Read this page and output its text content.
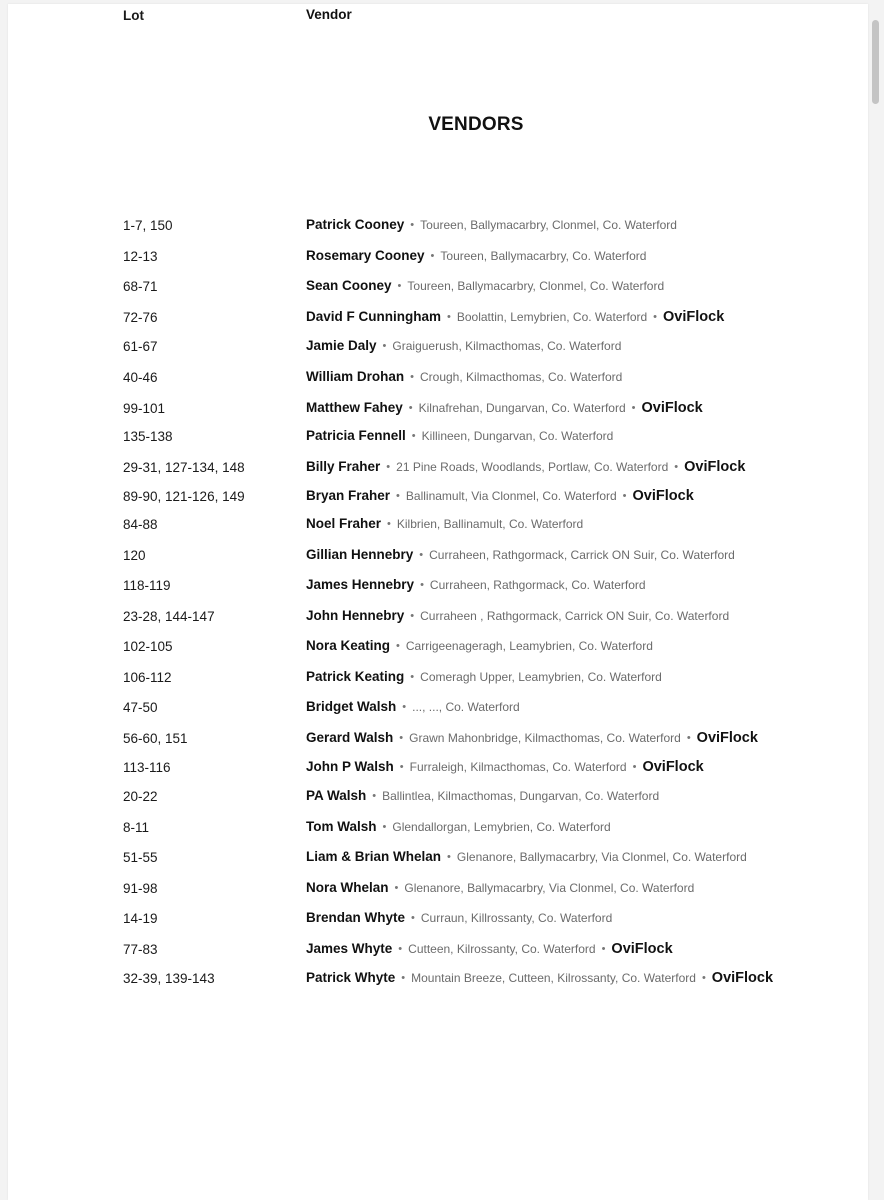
VENDORS
Lot	Vendor
1-7, 150	Patrick Cooney • Toureen, Ballymacarbry, Clonmel, Co. Waterford
12-13	Rosemary Cooney • Toureen, Ballymacarbry, Co. Waterford
68-71	Sean Cooney • Toureen, Ballymacarbry, Clonmel, Co. Waterford
72-76	David F Cunningham • Boolattin, Lemybrien, Co. Waterford • OviFlock
61-67	Jamie Daly • Graiguerush, Kilmacthomas, Co. Waterford
40-46	William Drohan • Crough, Kilmacthomas, Co. Waterford
99-101	Matthew Fahey • Kilnafrehan, Dungarvan, Co. Waterford • OviFlock
135-138	Patricia Fennell • Killineen, Dungarvan, Co. Waterford
29-31, 127-134, 148	Billy Fraher • 21 Pine Roads, Woodlands, Portlaw, Co. Waterford • OviFlock
89-90, 121-126, 149	Bryan Fraher • Ballinamult, Via Clonmel, Co. Waterford • OviFlock
84-88	Noel Fraher • Kilbrien, Ballinamult, Co. Waterford
120	Gillian Hennebry • Curraheen, Rathgormack, Carrick ON Suir, Co. Waterford
118-119	James Hennebry • Curraheen, Rathgormack, Co. Waterford
23-28, 144-147	John Hennebry • Curraheen , Rathgormack, Carrick ON Suir, Co. Waterford
102-105	Nora Keating • Carrigeenageragh, Leamybrien, Co. Waterford
106-112	Patrick Keating • Comeragh Upper, Leamybrien, Co. Waterford
47-50	Bridget Walsh • ..., ..., Co. Waterford
56-60, 151	Gerard Walsh • Grawn Mahonbridge, Kilmacthomas, Co. Waterford • OviFlock
113-116	John P Walsh • Furraleigh, Kilmacthomas, Co. Waterford • OviFlock
20-22	PA Walsh • Ballintlea, Kilmacthomas, Dungarvan, Co. Waterford
8-11	Tom Walsh • Glendallorgan, Lemybrien, Co. Waterford
51-55	Liam & Brian Whelan • Glenanore, Ballymacarbry, Via Clonmel, Co. Waterford
91-98	Nora Whelan • Glenanore, Ballymacarbry, Via Clonmel, Co. Waterford
14-19	Brendan Whyte • Curraun, Killrossanty, Co. Waterford
77-83	James Whyte • Cutteen, Kilrossanty, Co. Waterford • OviFlock
32-39, 139-143	Patrick Whyte • Mountain Breeze, Cutteen, Kilrossanty, Co. Waterford • OviFlock
